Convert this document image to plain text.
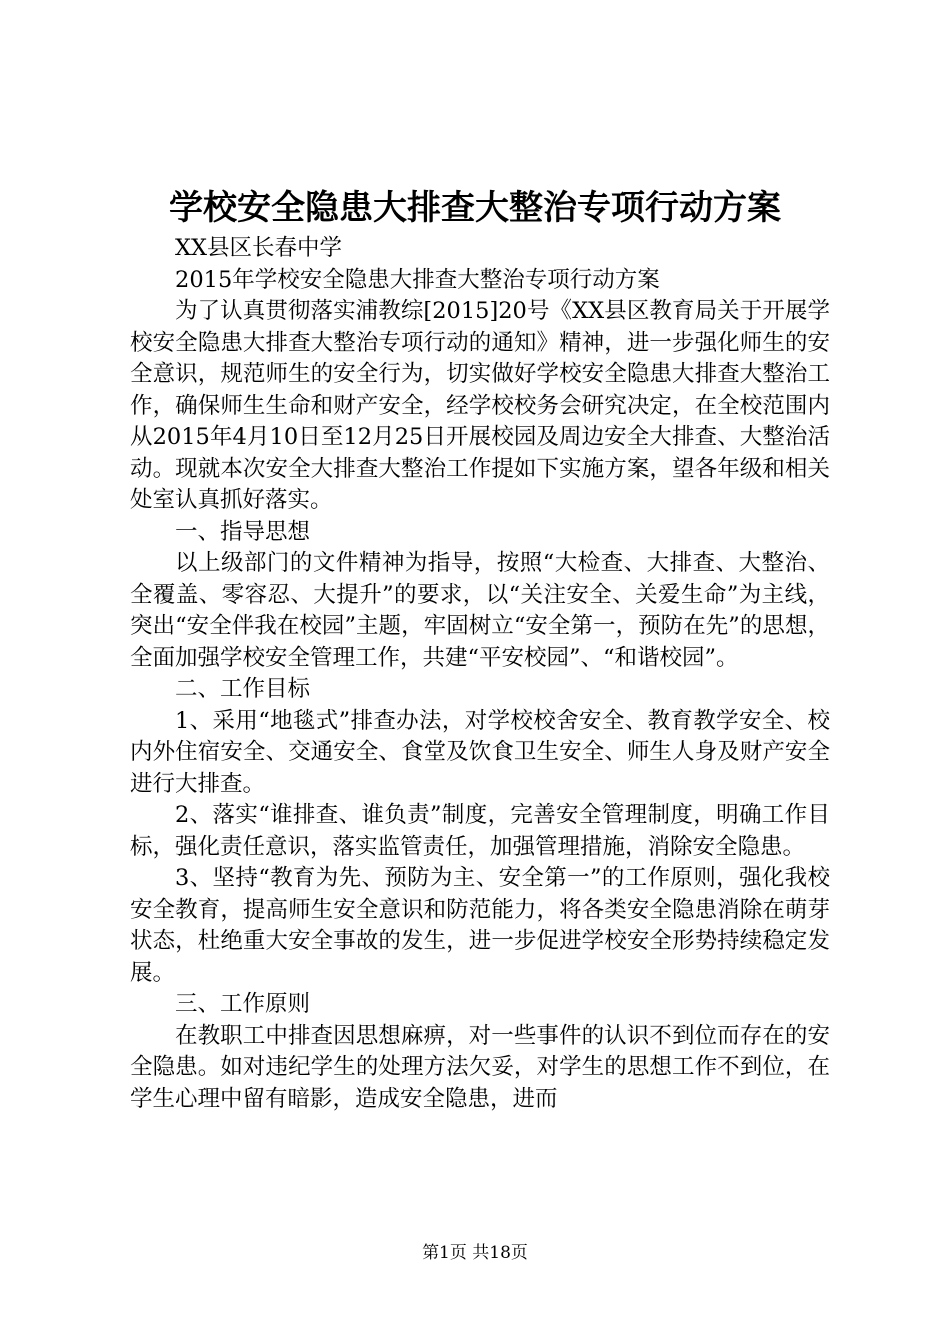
学校安全隐患大排查大整治专项行动方案

XX县区长春中学

2015年学校安全隐患大排查大整治专项行动方案

为了认真贯彻落实浦教综[2015]20号《XX县区教育局关于开展学校安全隐患大排查大整治专项行动的通知》精神，进一步强化师生的安全意识，规范师生的安全行为，切实做好学校安全隐患大排查大整治工作，确保师生生命和财产安全，经学校校务会研究决定，在全校范围内从2015年4月10日至12月25日开展校园及周边安全大排查、大整治活动。现就本次安全大排查大整治工作提如下实施方案，望各年级和相关处室认真抓好落实。

一、指导思想

以上级部门的文件精神为指导，按照“大检查、大排查、大整治、全覆盖、零容忍、大提升”的要求，以“关注安全、关爱生命”为主线，突出“安全伴我在校园”主题，牢固树立“安全第一，预防在先”的思想，全面加强学校安全管理工作，共建“平安校园”、“和谐校园”。

二、工作目标

1、采用“地毯式”排查办法，对学校校舍安全、教育教学安全、校内外住宿安全、交通安全、食堂及饮食卫生安全、师生人身及财产安全进行大排查。

2、落实“谁排查、谁负责”制度，完善安全管理制度，明确工作目标，强化责任意识，落实监管责任，加强管理措施，消除安全隐患。

3、坚持“教育为先、预防为主、安全第一”的工作原则，强化我校安全教育，提高师生安全意识和防范能力，将各类安全隐患消除在萌芽状态，杜绝重大安全事故的发生，进一步促进学校安全形势持续稳定发展。

三、工作原则

在教职工中排查因思想麻痹，对一些事件的认识不到位而存在的安全隐患。如对违纪学生的处理方法欠妥，对学生的思想工作不到位，在学生心理中留有暗影，造成安全隐患，进而

第1页 共18页
